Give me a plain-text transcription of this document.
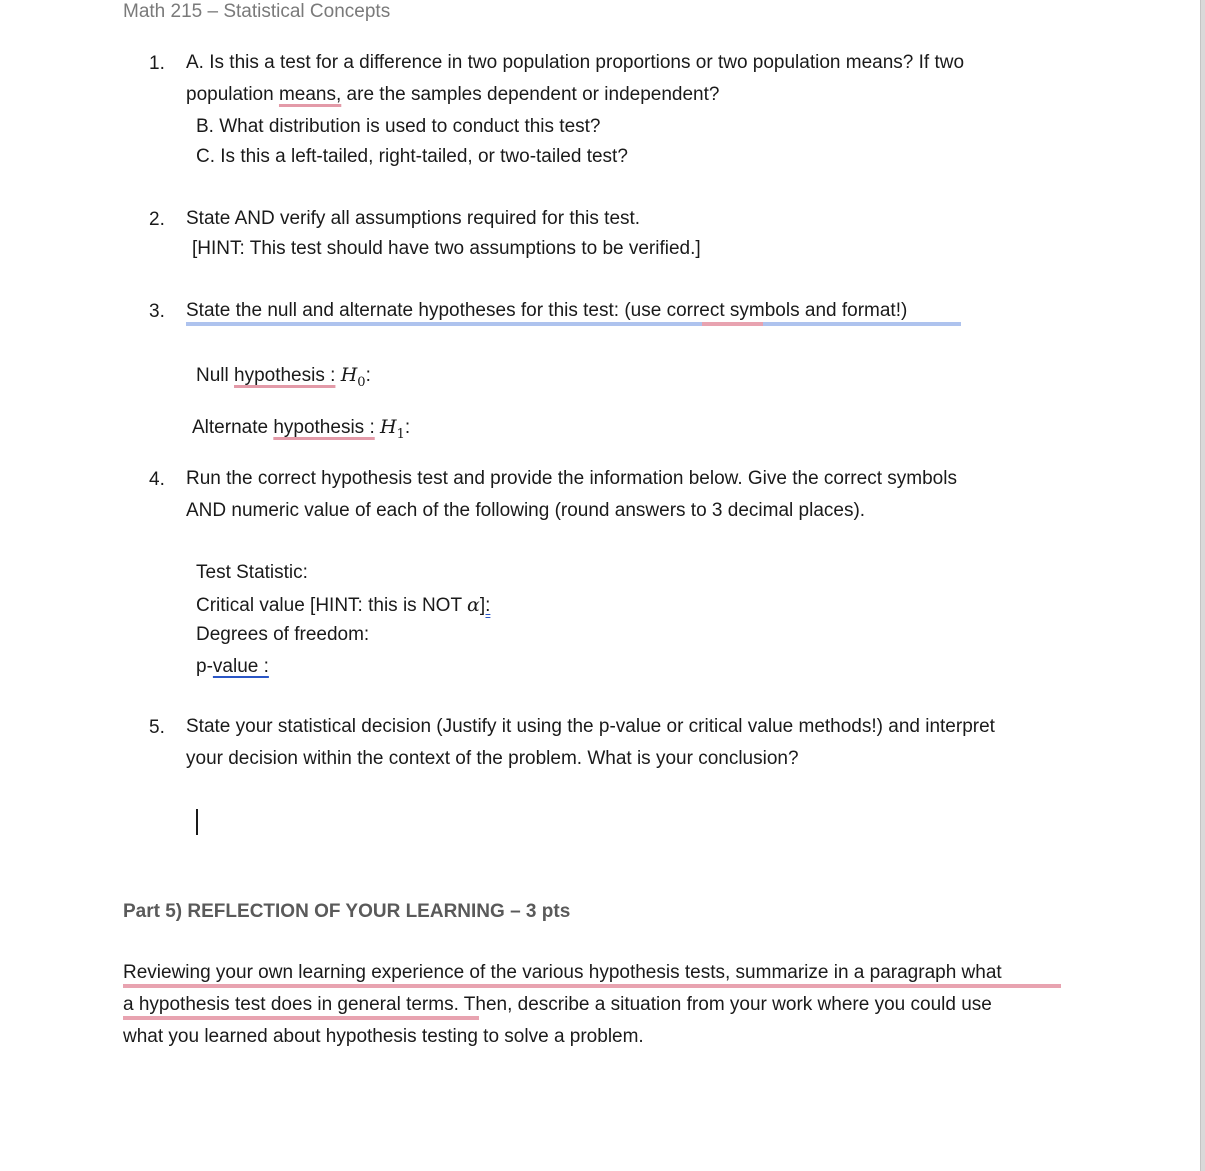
Math 215 – Statistical Concepts
1. A. Is this a test for a difference in two population proportions or two population means? If two
population means, are the samples dependent or independent?
B. What distribution is used to conduct this test?
C. Is this a left-tailed, right-tailed, or two-tailed test?
2. State AND verify all assumptions required for this test.
[HINT: This test should have two assumptions to be verified.]
3. State the null and alternate hypotheses for this test: (use correct symbols and format!)
Null hypothesis : $H_0$:
Alternate hypothesis : $H_1$:
4. Run the correct hypothesis test and provide the information below. Give the correct symbols
AND numeric value of each of the following (round answers to 3 decimal places).
Test Statistic:
Critical value [HINT: this is NOT α]:
Degrees of freedom:
p-value :
5. State your statistical decision (Justify it using the p-value or critical value methods!) and interpret
your decision within the context of the problem. What is your conclusion?
Part 5) REFLECTION OF YOUR LEARNING – 3 pts
Reviewing your own learning experience of the various hypothesis tests, summarize in a paragraph what
a hypothesis test does in general terms. Then, describe a situation from your work where you could use
what you learned about hypothesis testing to solve a problem.
